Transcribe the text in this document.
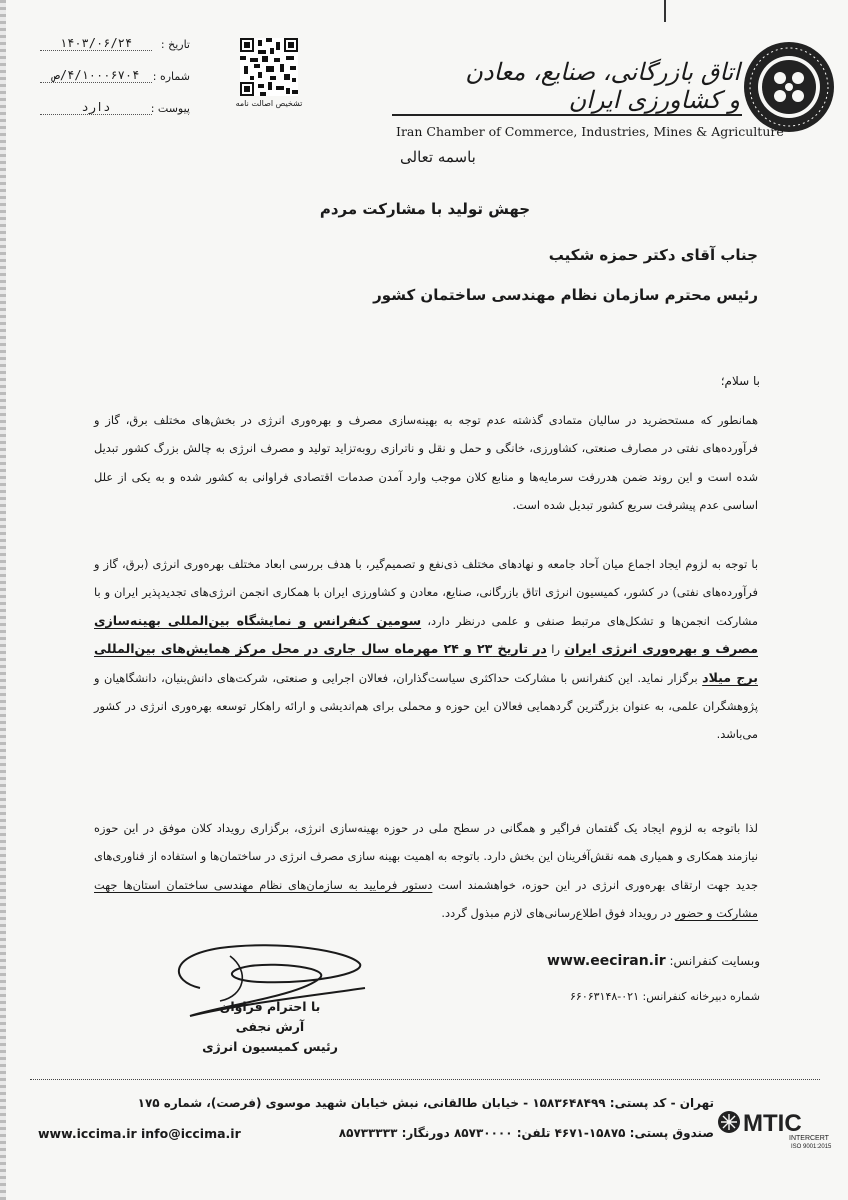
اتاق بازرگانی، صنایع، معادن و کشاورزی ایران
Iran Chamber of Commerce, Industries, Mines & Agriculture
تشخیص اصالت نامه
تاریخ :
۱۴۰۳/۰۶/۲۴
شماره :
۴/۱۰۰۰۶۷۰۴/ص
پیوست :
دارد
باسمه تعالی
جهش تولید با مشارکت مردم
جناب آقای دکتر حمزه شکیب
رئیس محترم سازمان نظام مهندسی ساختمان کشور
با سلام؛
همانطور که مستحضرید در سالیان متمادی گذشته عدم توجه به بهینه‌سازی مصرف و بهره‌وری انرژی در بخش‌های مختلف برق، گاز و فرآورده‌های نفتی در مصارف صنعتی، کشاورزی، خانگی و حمل و نقل و ناترازی روبه‌تزاید تولید و مصرف انرژی به چالش بزرگ کشور تبدیل شده است و این روند ضمن هدررفت سرمایه‌ها و منابع کلان موجب وارد آمدن صدمات اقتصادی فراوانی به کشور شده و به یکی از علل اساسی عدم پیشرفت سریع کشور تبدیل شده است.
با توجه به لزوم ایجاد اجماع میان آحاد جامعه و نهادهای مختلف ذی‌نفع و تصمیم‌گیر، با هدف بررسی ابعاد مختلف بهره‌وری انرژی (برق، گاز و فرآورده‌های نفتی) در کشور، کمیسیون انرژی اتاق بازرگانی، صنایع، معادن و کشاورزی ایران با همکاری انجمن انرژی‌های تجدیدپذیر ایران و با مشارکت انجمن‌ها و تشکل‌های مرتبط صنفی و علمی درنظر دارد، سومین کنفرانس و نمایشگاه بین‌المللی بهینه‌سازی مصرف و بهره‌وری انرژی ایران را در تاریخ ۲۳ و ۲۴ مهرماه سال جاری در محل مرکز همایش‌های بین‌المللی برج میلاد برگزار نماید. این کنفرانس با مشارکت حداکثری سیاست‌گذاران، فعالان اجرایی و صنعتی، شرکت‌های دانش‌بنیان، دانشگاهیان و پژوهشگران علمی، به عنوان بزرگترین گردهمایی فعالان این حوزه و محملی برای هم‌اندیشی و ارائه راهکار توسعه بهره‌وری انرژی در کشور می‌باشد.
لذا باتوجه به لزوم ایجاد یک گفتمان فراگیر و همگانی در سطح ملی در حوزه بهینه‌سازی انرژی، برگزاری رویداد کلان موفق در این حوزه نیازمند همکاری و همیاری همه نقش‌آفرینان این بخش دارد. باتوجه به اهمیت بهینه سازی مصرف انرژی در ساختمان‌ها و استفاده از فناوری‌های جدید جهت ارتقای بهره‌وری انرژی در این حوزه، خواهشمند است دستور فرمایید به سازمان‌های نظام مهندسی ساختمان استان‌ها جهت مشارکت و حضور در رویداد فوق اطلاع‌رسانی‌های لازم مبذول گردد.
وبسایت کنفرانس: www.eeciran.ir
شماره دبیرخانه کنفرانس: ۰۲۱-۶۶۰۶۳۱۴۸
با احترام فراوان
آرش نجفی
رئیس کمیسیون انرژی
تهران - کد پستی: ۱۵۸۳۶۴۸۴۹۹ - خیابان طالقانی، نبش خیابان شهید موسوی (فرصت)، شماره ۱۷۵
صندوق پستی: ۱۵۸۷۵-۴۶۷۱ تلفن: ۸۵۷۳۰۰۰۰ دورنگار: ۸۵۷۳۳۳۳۳
www.iccima.ir info@iccima.ir	MTIC
INTERCERT
ISO 9001:2015
